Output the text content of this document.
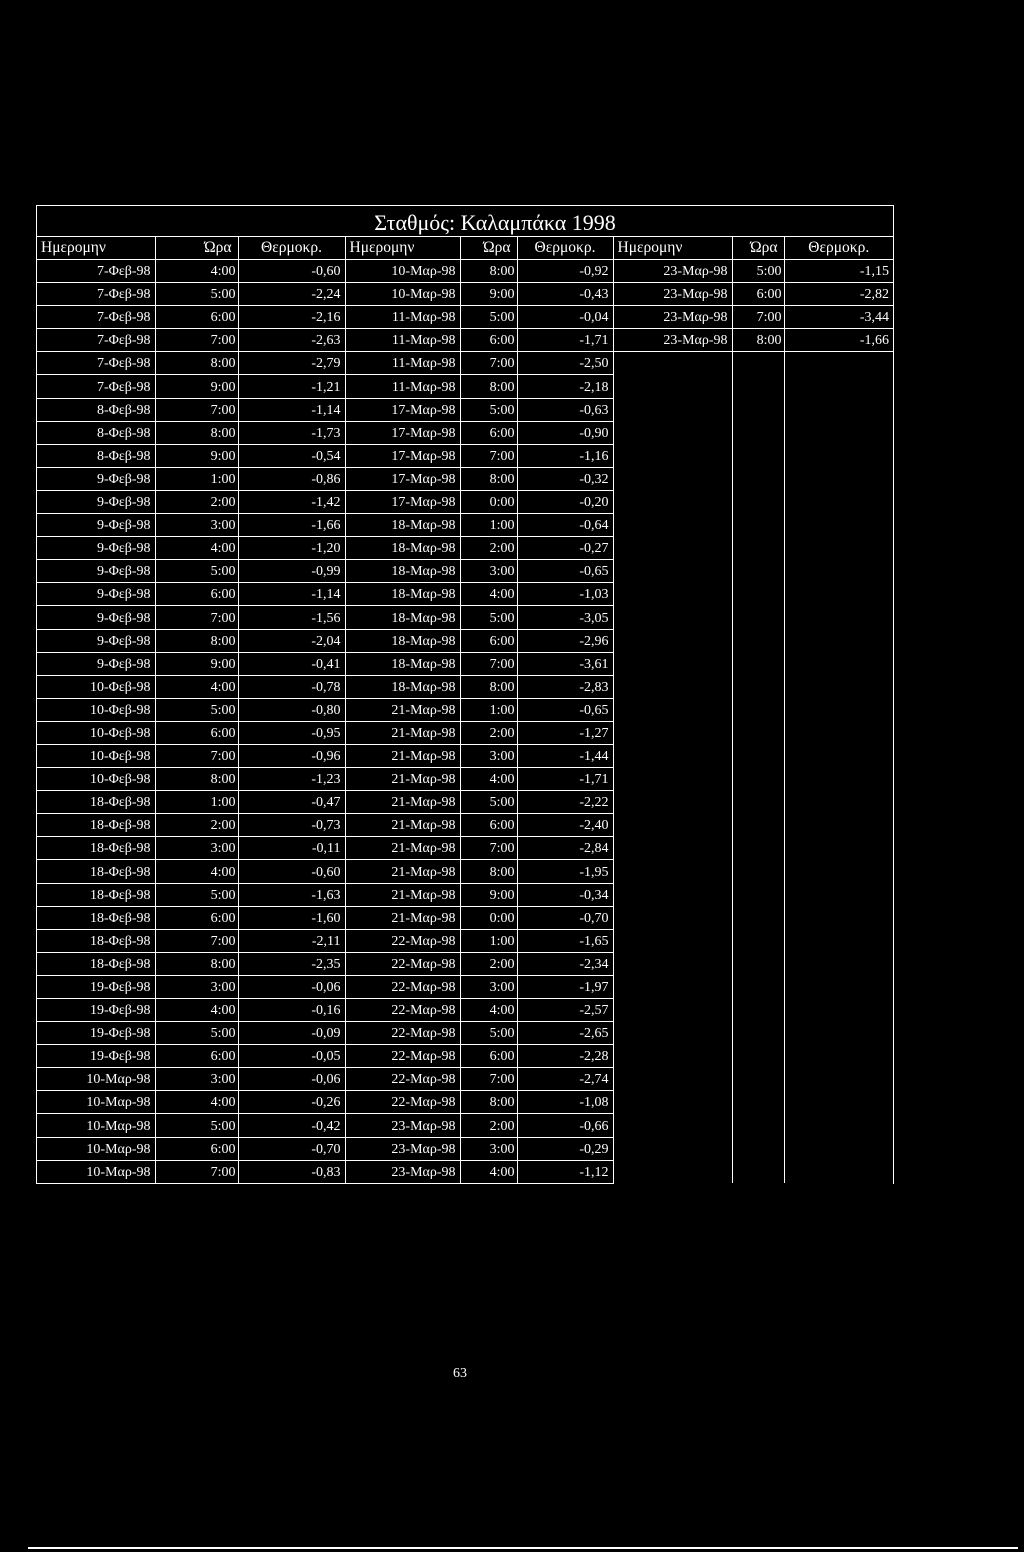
Σταθμός: Καλαμπάκα 1998
Ημερομην	Ώρα	Θερμοκρ.	Ημερομην	Ώρα	Θερμοκρ.	Ημερομην	Ώρα	Θερμοκρ.
7-Φεβ-98	4:00	-0,60	10-Μαρ-98	8:00	-0,92	23-Μαρ-98	5:00	-1,15
7-Φεβ-98	5:00	-2,24	10-Μαρ-98	9:00	-0,43	23-Μαρ-98	6:00	-2,82
7-Φεβ-98	6:00	-2,16	11-Μαρ-98	5:00	-0,04	23-Μαρ-98	7:00	-3,44
7-Φεβ-98	7:00	-2,63	11-Μαρ-98	6:00	-1,71	23-Μαρ-98	8:00	-1,66
7-Φεβ-98	8:00	-2,79	11-Μαρ-98	7:00	-2,50			
7-Φεβ-98	9:00	-1,21	11-Μαρ-98	8:00	-2,18			
8-Φεβ-98	7:00	-1,14	17-Μαρ-98	5:00	-0,63			
8-Φεβ-98	8:00	-1,73	17-Μαρ-98	6:00	-0,90			
8-Φεβ-98	9:00	-0,54	17-Μαρ-98	7:00	-1,16			
9-Φεβ-98	1:00	-0,86	17-Μαρ-98	8:00	-0,32			
9-Φεβ-98	2:00	-1,42	17-Μαρ-98	0:00	-0,20			
9-Φεβ-98	3:00	-1,66	18-Μαρ-98	1:00	-0,64			
9-Φεβ-98	4:00	-1,20	18-Μαρ-98	2:00	-0,27			
9-Φεβ-98	5:00	-0,99	18-Μαρ-98	3:00	-0,65			
9-Φεβ-98	6:00	-1,14	18-Μαρ-98	4:00	-1,03			
9-Φεβ-98	7:00	-1,56	18-Μαρ-98	5:00	-3,05			
9-Φεβ-98	8:00	-2,04	18-Μαρ-98	6:00	-2,96			
9-Φεβ-98	9:00	-0,41	18-Μαρ-98	7:00	-3,61			
10-Φεβ-98	4:00	-0,78	18-Μαρ-98	8:00	-2,83			
10-Φεβ-98	5:00	-0,80	21-Μαρ-98	1:00	-0,65			
10-Φεβ-98	6:00	-0,95	21-Μαρ-98	2:00	-1,27			
10-Φεβ-98	7:00	-0,96	21-Μαρ-98	3:00	-1,44			
10-Φεβ-98	8:00	-1,23	21-Μαρ-98	4:00	-1,71			
18-Φεβ-98	1:00	-0,47	21-Μαρ-98	5:00	-2,22			
18-Φεβ-98	2:00	-0,73	21-Μαρ-98	6:00	-2,40			
18-Φεβ-98	3:00	-0,11	21-Μαρ-98	7:00	-2,84			
18-Φεβ-98	4:00	-0,60	21-Μαρ-98	8:00	-1,95			
18-Φεβ-98	5:00	-1,63	21-Μαρ-98	9:00	-0,34			
18-Φεβ-98	6:00	-1,60	21-Μαρ-98	0:00	-0,70			
18-Φεβ-98	7:00	-2,11	22-Μαρ-98	1:00	-1,65			
18-Φεβ-98	8:00	-2,35	22-Μαρ-98	2:00	-2,34			
19-Φεβ-98	3:00	-0,06	22-Μαρ-98	3:00	-1,97			
19-Φεβ-98	4:00	-0,16	22-Μαρ-98	4:00	-2,57			
19-Φεβ-98	5:00	-0,09	22-Μαρ-98	5:00	-2,65			
19-Φεβ-98	6:00	-0,05	22-Μαρ-98	6:00	-2,28			
10-Μαρ-98	3:00	-0,06	22-Μαρ-98	7:00	-2,74			
10-Μαρ-98	4:00	-0,26	22-Μαρ-98	8:00	-1,08			
10-Μαρ-98	5:00	-0,42	23-Μαρ-98	2:00	-0,66			
10-Μαρ-98	6:00	-0,70	23-Μαρ-98	3:00	-0,29			
10-Μαρ-98	7:00	-0,83	23-Μαρ-98	4:00	-1,12			
63
